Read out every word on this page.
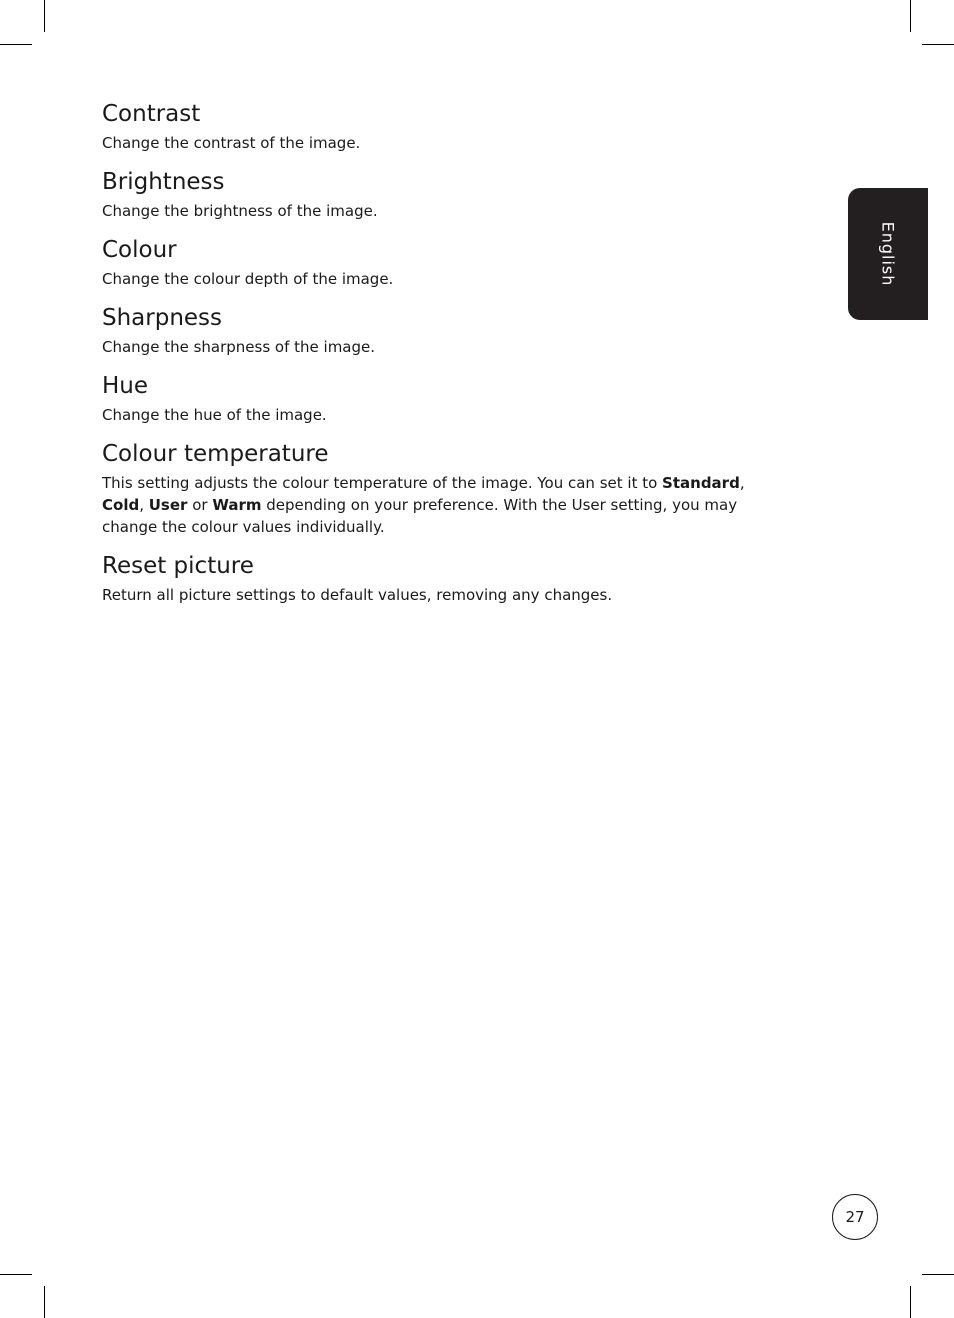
Contrast

Change the contrast of the image.

Brightness

Change the brightness of the image.

Colour

Change the colour depth of the image.

Sharpness

Change the sharpness of the image.

Hue

Change the hue of the image.

Colour temperature

This setting adjusts the colour temperature of the image. You can set it to Standard, Cold, User or Warm depending on your preference. With the User setting, you may change the colour values individually.

Reset picture

Return all picture settings to default values, removing any changes.

English
27
